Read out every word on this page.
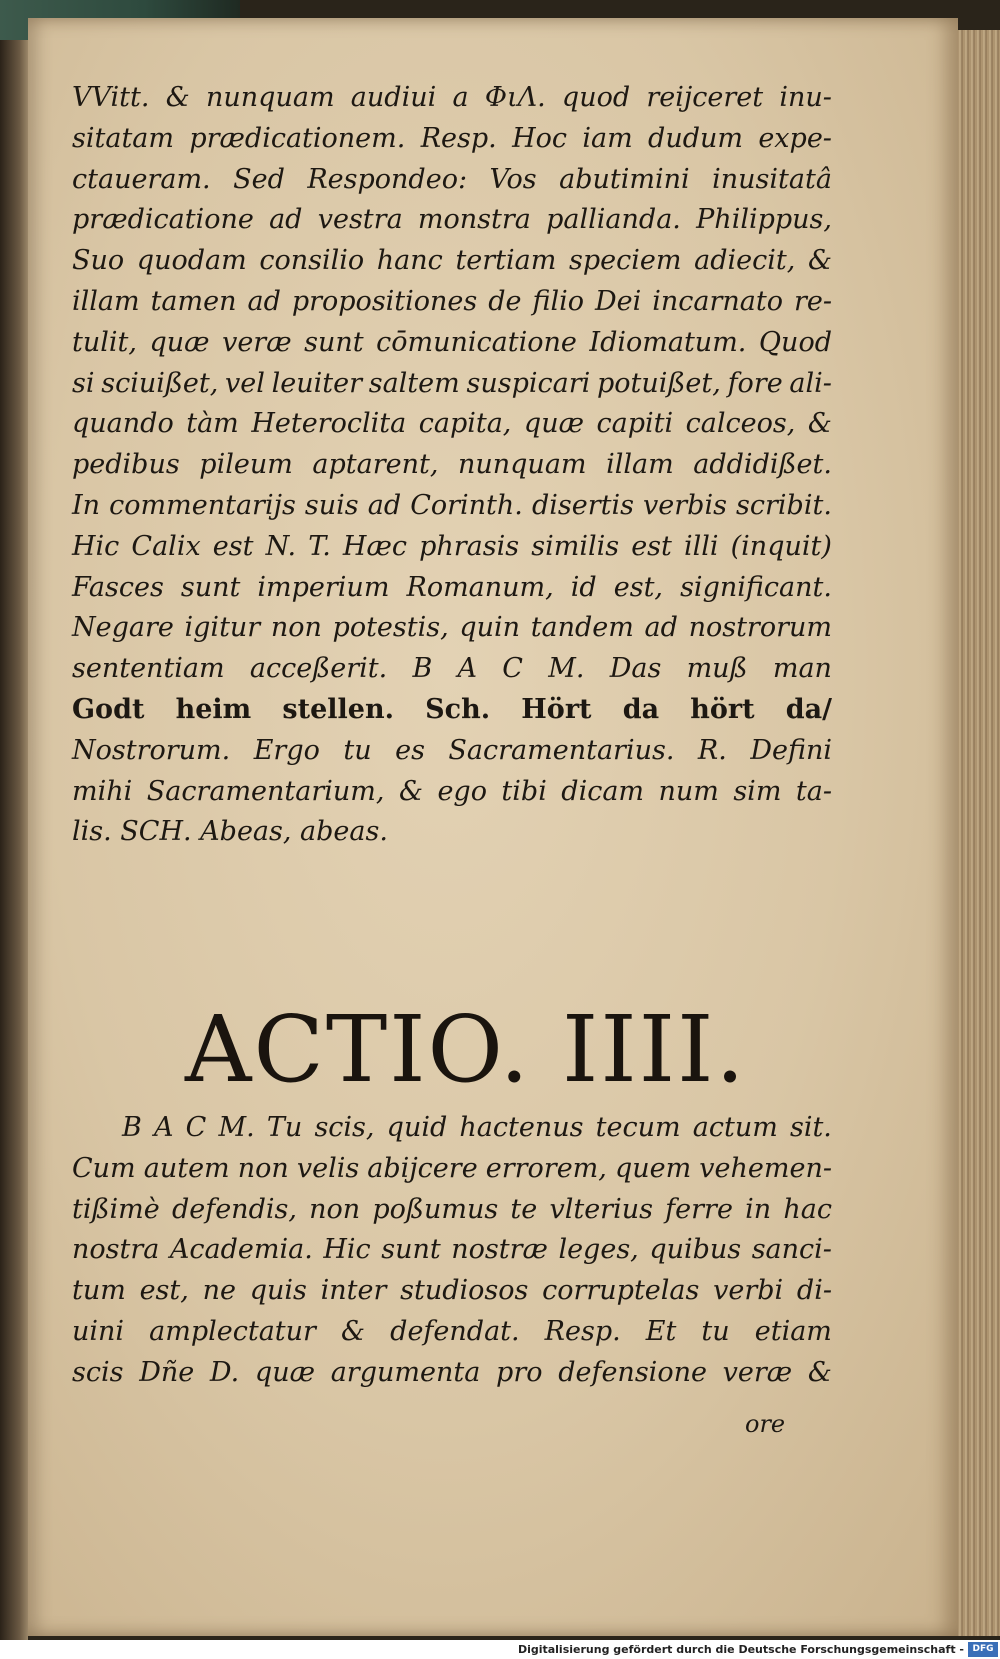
VVitt. & nunquam audiui a ΦιΛ. quod reijceret inu-
sitatam prædicationem. Resp. Hoc iam dudum expe-
ctaueram. Sed Respondeo: Vos abutimini inusitatâ
prædicatione ad vestra monstra pallianda. Philippus,
Suo quodam consilio hanc tertiam speciem adiecit, &
illam tamen ad propositiones de filio Dei incarnato re-
tulit, quæ veræ sunt cōmunicatione Idiomatum. Quod
si sciuißet, vel leuiter saltem suspicari potuißet, fore ali-
quando tàm Heteroclita capita, quæ capiti calceos, &
pedibus pileum aptarent, nunquam illam addidißet.
In commentarijs suis ad Corinth. disertis verbis scribit.
Hic Calix est N. T. Hæc phrasis similis est illi (inquit)
Fasces sunt imperium Romanum, id est, significant.
Negare igitur non potestis, quin tandem ad nostrorum
sententiam acceßerit. B A C M. Das muß man
Godt heim stellen. Sch. Hört da hört da/
Nostrorum. Ergo tu es Sacramentarius. R. Defini
mihi Sacramentarium, & ego tibi dicam num sim ta-
lis. SCH. Abeas, abeas.
ACTIO. IIII.
B A C M. Tu scis, quid hactenus tecum actum sit.
Cum autem non velis abijcere errorem, quem vehemen-
tißimè defendis, non poßumus te vlterius ferre in hac
nostra Academia. Hic sunt nostræ leges, quibus sanci-
tum est, ne quis inter studiosos corruptelas verbi di-
uini amplectatur & defendat. Resp. Et tu etiam
scis Dñe D. quæ argumenta pro defensione veræ &
ore
Digitalisierung gefördert durch die Deutsche Forschungsgemeinschaft - DFG
